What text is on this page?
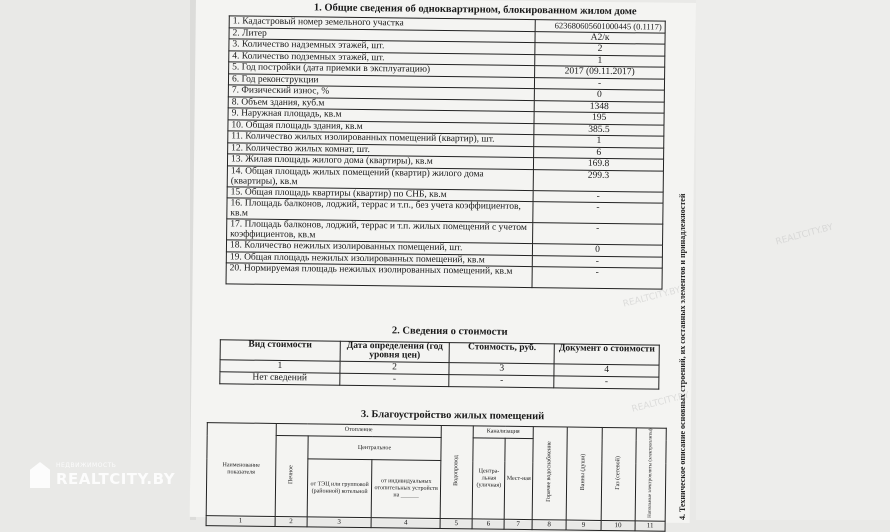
1. Общие сведения об одноквартирном, блокированном жилом доме
1. Кадастровый номер земельного участка	623680605601000445 (0.1117)
2. Литер	А2/к
3. Количество надземных этажей, шт.	2
4. Количество подземных этажей, шт.	1
5. Год постройки (дата приемки в эксплуатацию)	2017 (09.11.2017)
6. Год реконструкции	-
7. Физический износ, %	0
8. Объем здания, куб.м	1348
9. Наружная площадь, кв.м	195
10. Общая площадь здания, кв.м	385.5
11. Количество жилых изолированных помещений (квартир), шт.	1
12. Количество жилых комнат, шт.	6
13. Жилая площадь жилого дома (квартиры), кв.м	169.8
14. Общая площадь жилых помещений (квартир) жилого дома (квартиры), кв.м	299.3
15. Общая площадь квартиры (квартир) по СНБ, кв.м	-
16. Площадь балконов, лоджий, террас и т.п., без учета коэффициентов, кв.м	-
17. Площадь балконов, лоджий, террас и т.п. жилых помещений с учетом коэффициентов, кв.м	-
18. Количество нежилых изолированных помещений, шт.	0
19. Общая площадь нежилых изолированных помещений, кв.м	-
20. Нормируемая площадь нежилых изолированных помещений, кв.м	-
2. Сведения о стоимости
Вид стоимости	Дата определения (год уровня цен)	Стоимость, руб.	Документ о стоимости
1	2	3	4
Нет сведений	-	-	-
3. Благоустройство жилых помещений
Наименование показателя	Отопление			Водопровод	Канализация		Горячее водоснабжение	Ванны (души)	Газ (сетевой)	Напольные электроплиты (электроплиты)
	Печное	Центральное			Центра-льная (уличная)	Мест-ная				
		от ТЭЦ или групповой (районной) котельной	от индивидуальных отопительных устройств на ______							
1	2	3	4	5	6	7	8	9	10	11
REALTCITY.BY
REALTCITY.BY
4. Техническое описание основных строений, их составных элементов и принадлежностей
НЕДВИЖИМОСТЬ
REALTCITY.BY
REALTCITY.BY
